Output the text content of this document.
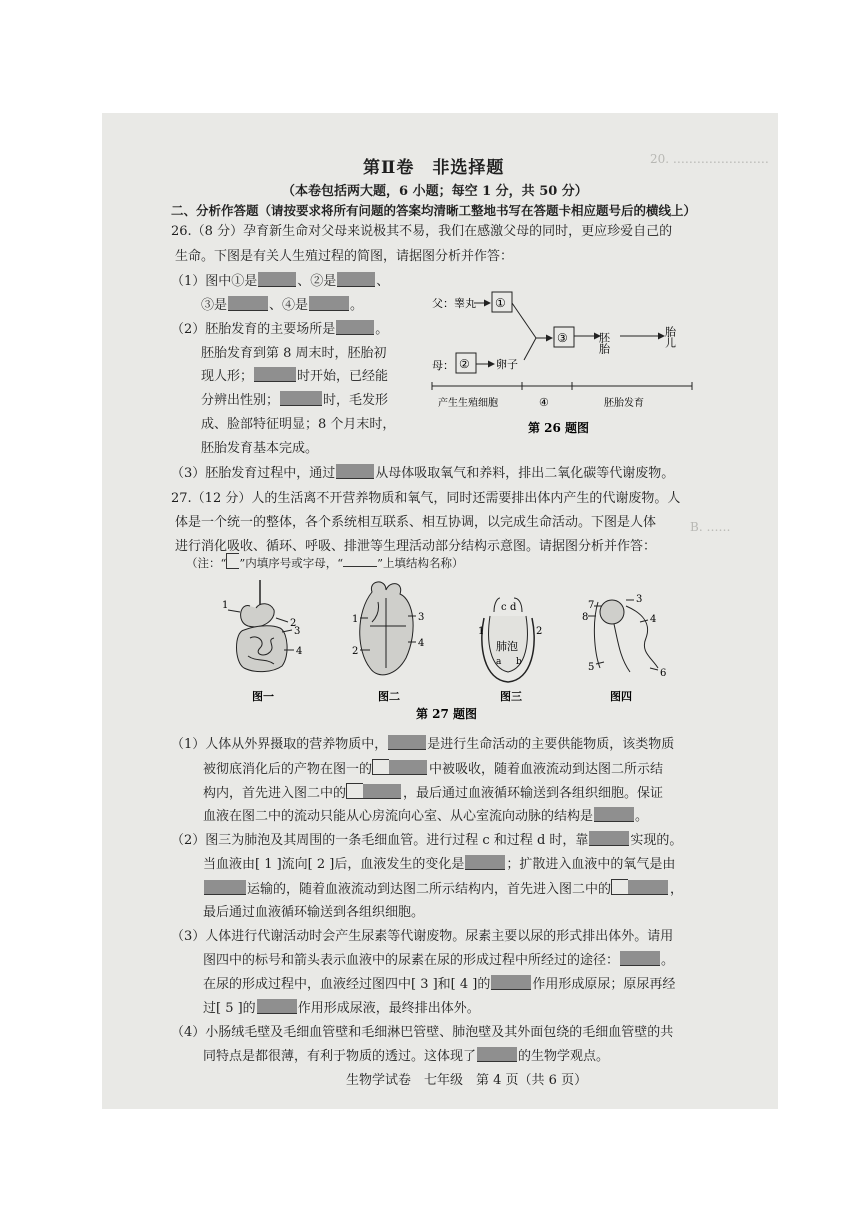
20. ……………………
B. ……
第Ⅱ卷　非选择题
（本卷包括两大题，6 小题；每空 1 分，共 50 分）
二、分析作答题（请按要求将所有问题的答案均清晰工整地书写在答题卡相应题号后的横线上）
26.（8 分）孕育新生命对父母来说极其不易，我们在感激父母的同时，更应珍爱自己的
生命。下图是有关人生殖过程的简图，请据图分析并作答：
（1）图中①是	、②是	、
③是	、④是	。
（2）胚胎发育的主要场所是	。
胚胎发育到第 8 周末时，胚胎初
现人形；	时开始，已经能
分辨出性别；	时，毛发形
成、脸部特征明显；8 个月末时，
胚胎发育基本完成。
（3）胚胎发育过程中，通过	从母体吸取氧气和养料，排出二氧化碳等代谢废物。
父：睾丸 ①
母： ② 卵子
③	胚胎	胎儿
产生生殖细胞	④	胚胎发育
第 26 题图
27.（12 分）人的生活离不开营养物质和氧气，同时还需要排出体内产生的代谢废物。人
体是一个统一的整体，各个系统相互联系、相互协调，以完成生命活动。下图是人体
进行消化吸收、循环、呼吸、排泄等生理活动部分结构示意图。请据图分析并作答：
（注：“ ”内填序号或字母，“	”上填结构名称）
1
2
3
4
图一
1
2
3
4
图二
肺泡
c d
1	2
a b
图三
8
7
3
4
5
6
图四
第 27 题图
（1）人体从外界摄取的营养物质中，	是进行生命活动的主要供能物质，该类物质
被彻底消化后的产物在图一的	中被吸收，随着血液流动到达图二所示结
构内，首先进入图二中的	，最后通过血液循环输送到各组织细胞。保证
血液在图二中的流动只能从心房流向心室、从心室流向动脉的结构是	。
（2）图三为肺泡及其周围的一条毛细血管。进行过程 c 和过程 d 时，靠	实现的。
当血液由[ 1 ]流向[ 2 ]后，血液发生的变化是	；扩散进入血液中的氧气是由
运输的，随着血液流动到达图二所示结构内，首先进入图二中的	，
最后通过血液循环输送到各组织细胞。
（3）人体进行代谢活动时会产生尿素等代谢废物。尿素主要以尿的形式排出体外。请用
图四中的标号和箭头表示血液中的尿素在尿的形成过程中所经过的途径：	。
在尿的形成过程中，血液经过图四中[ 3 ]和[ 4 ]的	作用形成原尿；原尿再经
过[ 5 ]的	作用形成尿液，最终排出体外。
（4）小肠绒毛壁及毛细血管壁和毛细淋巴管壁、肺泡壁及其外面包绕的毛细血管壁的共
同特点是都很薄，有利于物质的透过。这体现了	的生物学观点。
生物学试卷　七年级　第 4 页（共 6 页）
